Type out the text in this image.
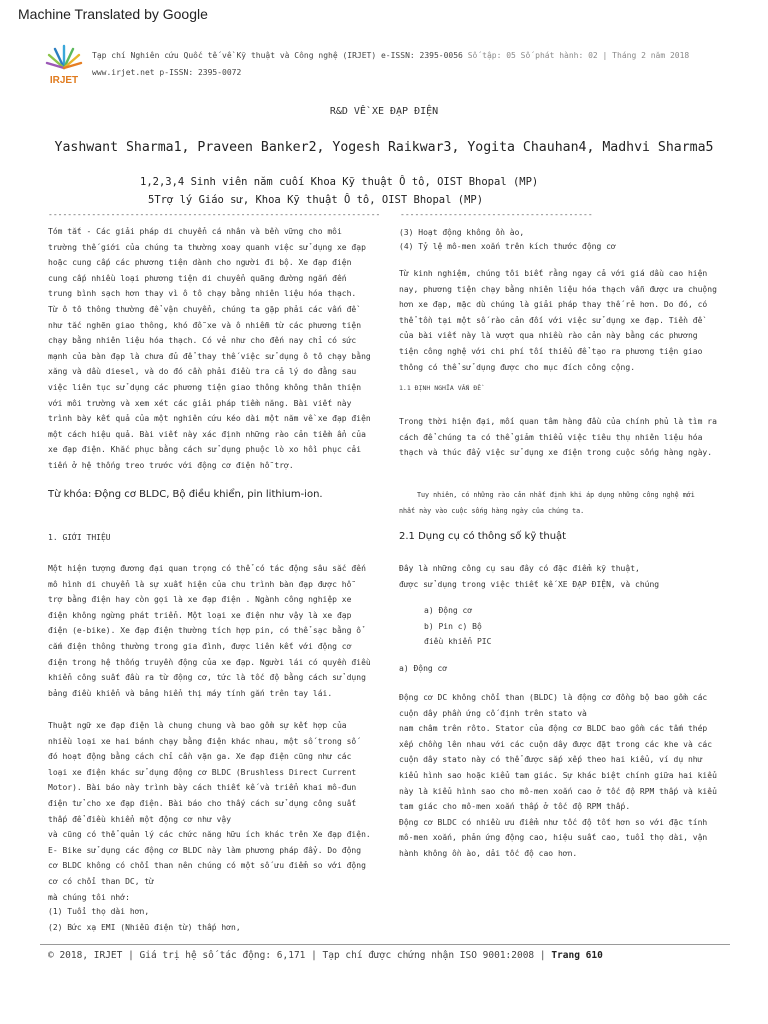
Machine Translated by Google
IRJET
Tạp chí Nghiên cứu Quốc tế về Kỹ thuật và Công nghệ (IRJET) e-ISSN: 2395-0056 Số tập: 05 Số phát hành: 02 | Tháng 2 năm 2018
www.irjet.net p-ISSN: 2395-0072
R&D VỀ XE ĐẠP ĐIỆN
Yashwant Sharma1, Praveen Banker2, Yogesh Raikwar3, Yogita Chauhan4, Madhvi Sharma5
1,2,3,4 Sinh viên năm cuối Khoa Kỹ thuật Ô tô, OIST Bhopal (MP)
5Trợ lý Giáo sư, Khoa Kỹ thuật Ô tô, OIST Bhopal (MP)
---------------------------------------------------------------------	----------------------------------------

Tóm tắt - Các giải pháp di chuyển cá nhân và bền vững cho môi

trường thế giới của chúng ta thường xoay quanh việc sử dụng xe đạp

hoặc cung cấp các phương tiện dành cho người đi bộ. Xe đạp điện

cung cấp nhiều loại phương tiện di chuyển quãng đường ngắn đến

trung bình sạch hơn thay vì ô tô chạy bằng nhiên liệu hóa thạch.

Từ ô tô thông thường để vận chuyển, chúng ta gặp phải các vấn đề

như tắc nghẽn giao thông, khó đỗ xe và ô nhiễm từ các phương tiện

chạy bằng nhiên liệu hóa thạch. Có vẻ như cho đến nay chỉ có sức

mạnh của bàn đạp là chưa đủ để thay thế việc sử dụng ô tô chạy bằng

xăng và dầu diesel, và do đó cần phải điều tra cả lý do đằng sau

việc liên tục sử dụng các phương tiện giao thông không thân thiện

với môi trường và xem xét các giải pháp tiềm năng. Bài viết này

trình bày kết quả của một nghiên cứu kéo dài một năm về xe đạp điện

một cách hiệu quả. Bài viết này xác định những rào cản tiềm ẩn của

xe đạp điện. Khắc phục bằng cách sử dụng phuộc lò xo hồi phục cải

tiến ở hệ thống treo trước với động cơ điện hỗ trợ.

Từ khóa: Động cơ BLDC, Bộ điều khiển, pin lithium-ion.
1. GIỚI THIỆU

Một hiện tượng đương đại quan trọng có thể có tác động sâu sắc đến

mô hình di chuyển là sự xuất hiện của chu trình bàn đạp được hỗ

trợ bằng điện hay còn gọi là xe đạp điện . Ngành công nghiệp xe

điện không ngừng phát triển. Một loại xe điện như vậy là xe đạp

điện (e-bike). Xe đạp điện thường tích hợp pin, có thể sạc bằng ổ

cắm điện thông thường trong gia đình, được liên kết với động cơ

điện trong hệ thống truyền động của xe đạp. Người lái có quyền điều

khiển công suất đầu ra từ động cơ, tức là tốc độ bằng cách sử dụng

bảng điều khiển và bảng hiển thị máy tính gắn trên tay lái.

Thuật ngữ xe đạp điện là chung chung và bao gồm sự kết hợp của

nhiều loại xe hai bánh chạy bằng điện khác nhau, một số trong số

đó hoạt động bằng cách chỉ cần vặn ga. Xe đạp điện cũng như các

loại xe điện khác sử dụng động cơ BLDC (Brushless Direct Current

Motor). Bài báo này trình bày cách thiết kế và triển khai mô-đun

điện tử cho xe đạp điện. Bài báo cho thấy cách sử dụng công suất

thấp để điều khiển một động cơ như vậy

và cũng có thể quản lý các chức năng hữu ích khác trên Xe đạp điện.

E- Bike sử dụng các động cơ BLDC này làm phương pháp đẩy. Do động

cơ BLDC không có chổi than nên chúng có một số ưu điểm so với động

cơ có chổi than DC, từ

mà chúng tôi nhớ:

(1) Tuổi thọ dài hơn,

(2) Bức xạ EMI (Nhiễu điện từ) thấp hơn,

(3) Hoạt động không ồn ào,

(4) Tỷ lệ mô-men xoắn trên kích thước động cơ

Từ kinh nghiệm, chúng tôi biết rằng ngay cả với giá dầu cao hiện

nay, phương tiện chạy bằng nhiên liệu hóa thạch vẫn được ưa chuộng

hơn xe đạp, mặc dù chúng là giải pháp thay thế rẻ hơn. Do đó, có

thể tồn tại một số rào cản đối với việc sử dụng xe đạp. Tiền đề

của bài viết này là vượt qua nhiều rào cản này bằng các phương

tiện công nghệ với chi phí tối thiểu để tạo ra phương tiện giao

thông có thể sử dụng được cho mục đích công cộng.

1.1 ĐỊNH NGHĨA VẤN ĐỀ

Trong thời hiện đại, mối quan tâm hàng đầu của chính phủ là tìm ra

cách để chúng ta có thể giảm thiểu việc tiêu thụ nhiên liệu hóa

thạch và thúc đẩy việc sử dụng xe điện trong cuộc sống hàng ngày.

Tuy nhiên, có những rào cản nhất định khi áp dụng những công nghệ mới

nhất này vào cuộc sống hàng ngày của chúng ta.

2.1 Dụng cụ có thông số kỹ thuật

Đây là những công cụ sau đây có đặc điểm kỹ thuật,

được sử dụng trong việc thiết kế XE ĐẠP ĐIỆN, và chúng

a) Động cơ

b) Pin c) Bộ

điều khiển PIC

a) Động cơ

Động cơ DC không chổi than (BLDC) là động cơ đồng bộ bao gồm các

cuộn dây phần ứng cố định trên stato và

nam châm trên rôto. Stator của động cơ BLDC bao gồm các tấm thép

xếp chồng lên nhau với các cuộn dây được đặt trong các khe và các

cuộn dây stato này có thể được sắp xếp theo hai kiểu, ví dụ như

kiểu hình sao hoặc kiểu tam giác. Sự khác biệt chính giữa hai kiểu

này là kiểu hình sao cho mô-men xoắn cao ở tốc độ RPM thấp và kiểu

tam giác cho mô-men xoắn thấp ở tốc độ RPM thấp.

Động cơ BLDC có nhiều ưu điểm như tốc độ tốt hơn so với đặc tính

mô-men xoắn, phản ứng động cao, hiệu suất cao, tuổi thọ dài, vận

hành không ồn ào, dải tốc độ cao hơn.

© 2018, IRJET | Giá trị hệ số tác động: 6,171 | Tạp chí được chứng nhận ISO 9001:2008 | Trang 610
